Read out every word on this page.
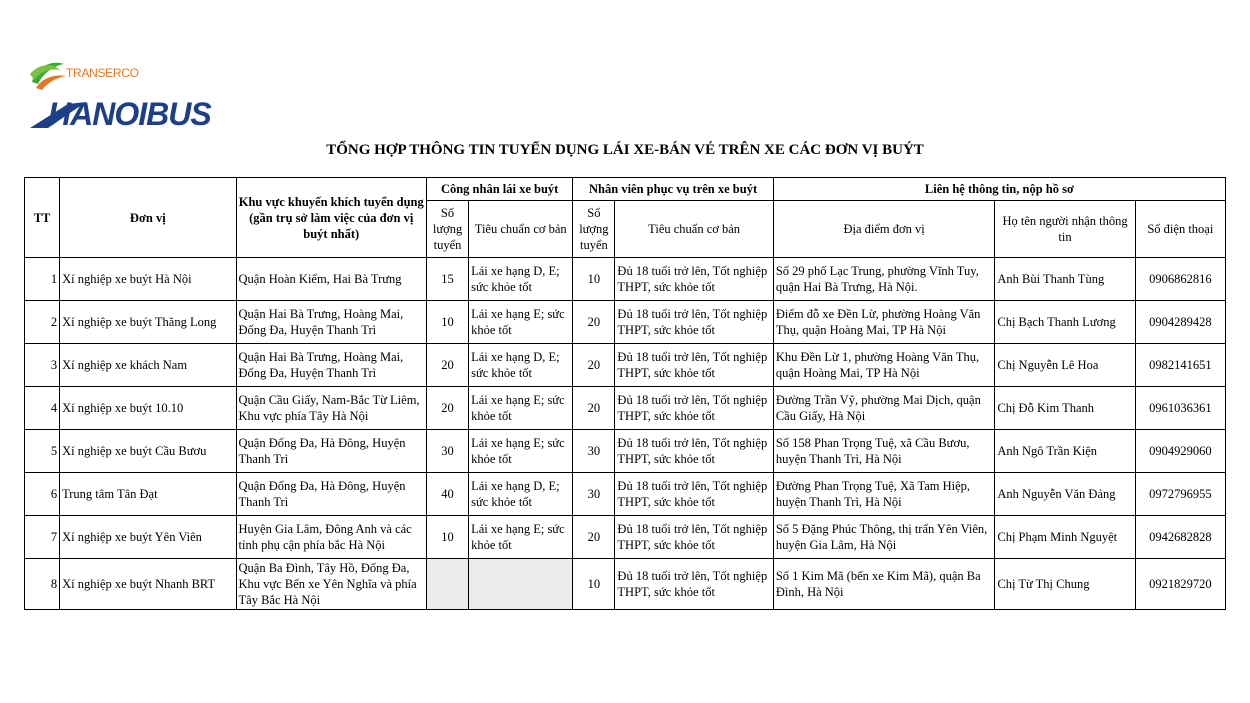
TRANSERCO
HANOIBUS
TỔNG HỢP THÔNG TIN TUYỂN DỤNG LÁI XE-BÁN VÉ TRÊN XE CÁC ĐƠN VỊ BUÝT
TT	Đơn vị	Khu vực khuyến khích tuyển dụng (gần trụ sở làm việc của đơn vị buýt nhất)	Công nhân lái xe buýt		Nhân viên phục vụ trên xe buýt		Liên hệ thông tin, nộp hồ sơ		
			Số lượng tuyển	Tiêu chuẩn cơ bản	Số lượng tuyển	Tiêu chuẩn cơ bản	Địa điểm đơn vị	Họ tên người nhận thông tin	Số điện thoại
1	Xí nghiệp xe buýt Hà Nội	Quận Hoàn Kiếm, Hai Bà Trưng	15	Lái xe hạng D, E; sức khỏe tốt	10	Đủ 18 tuổi trở lên, Tốt nghiệp THPT, sức khỏe tốt	Số 29 phố Lạc Trung, phường Vĩnh Tuy, quận Hai Bà Trưng, Hà Nội.	Anh Bùi Thanh Tùng	0906862816
2	Xí nghiệp xe buýt Thăng Long	Quận Hai Bà Trưng, Hoàng Mai, Đống Đa, Huyện Thanh Trì	10	Lái xe hạng E; sức khỏe tốt	20	Đủ 18 tuổi trở lên, Tốt nghiệp THPT, sức khỏe tốt	Điểm đỗ xe Đền Lừ, phường Hoàng Văn Thụ, quận Hoàng Mai, TP Hà Nội	Chị Bạch Thanh Lương	0904289428
3	Xí nghiệp xe khách Nam	Quận Hai Bà Trưng, Hoàng Mai, Đống Đa, Huyện Thanh Trì	20	Lái xe hạng D, E; sức khỏe tốt	20	Đủ 18 tuổi trở lên, Tốt nghiệp THPT, sức khỏe tốt	Khu Đền Lừ 1, phường Hoàng Văn Thụ, quận Hoàng Mai, TP Hà Nội	Chị Nguyễn Lê Hoa	0982141651
4	Xí nghiệp xe buýt 10.10	Quận Cầu Giấy, Nam-Bắc Từ Liêm, Khu vực phía Tây Hà Nội	20	Lái xe hạng E; sức khỏe tốt	20	Đủ 18 tuổi trở lên, Tốt nghiệp THPT, sức khỏe tốt	Đường Trần Vỹ, phường Mai Dịch, quận Cầu Giấy, Hà Nội	Chị Đỗ Kim Thanh	0961036361
5	Xí nghiệp xe buýt Cầu Bươu	Quận Đống Đa, Hà Đông, Huyện Thanh Trì	30	Lái xe hạng E; sức khỏe tốt	30	Đủ 18 tuổi trở lên, Tốt nghiệp THPT, sức khỏe tốt	Số 158 Phan Trọng Tuệ, xã Cầu Bươu, huyện Thanh Trì, Hà Nội	Anh Ngô Trần Kiện	0904929060
6	Trung tâm Tân Đạt	Quận Đống Đa, Hà Đông, Huyện Thanh Trì	40	Lái xe hạng D, E; sức khỏe tốt	30	Đủ 18 tuổi trở lên, Tốt nghiệp THPT, sức khỏe tốt	Đường Phan Trọng Tuệ, Xã Tam Hiệp, huyện Thanh Trì, Hà Nội	Anh Nguyễn Văn Đảng	0972796955
7	Xí nghiệp xe buýt Yên Viên	Huyện Gia Lâm, Đông Anh và các tỉnh phụ cận phía bắc Hà Nội	10	Lái xe hạng E; sức khỏe tốt	20	Đủ 18 tuổi trở lên, Tốt nghiệp THPT, sức khỏe tốt	Số 5 Đặng Phúc Thông, thị trấn Yên Viên, huyện Gia Lâm, Hà Nội	Chị Phạm Minh Nguyệt	0942682828
8	Xí nghiệp xe buýt Nhanh BRT	Quận Ba Đình, Tây Hồ, Đống Đa, Khu vực Bến xe Yên Nghĩa và phía Tây Bắc Hà Nội			10	Đủ 18 tuổi trở lên, Tốt nghiệp THPT, sức khỏe tốt	Số 1 Kim Mã (bến xe Kim Mã), quận Ba Đình, Hà Nội	Chị Từ Thị Chung	0921829720
